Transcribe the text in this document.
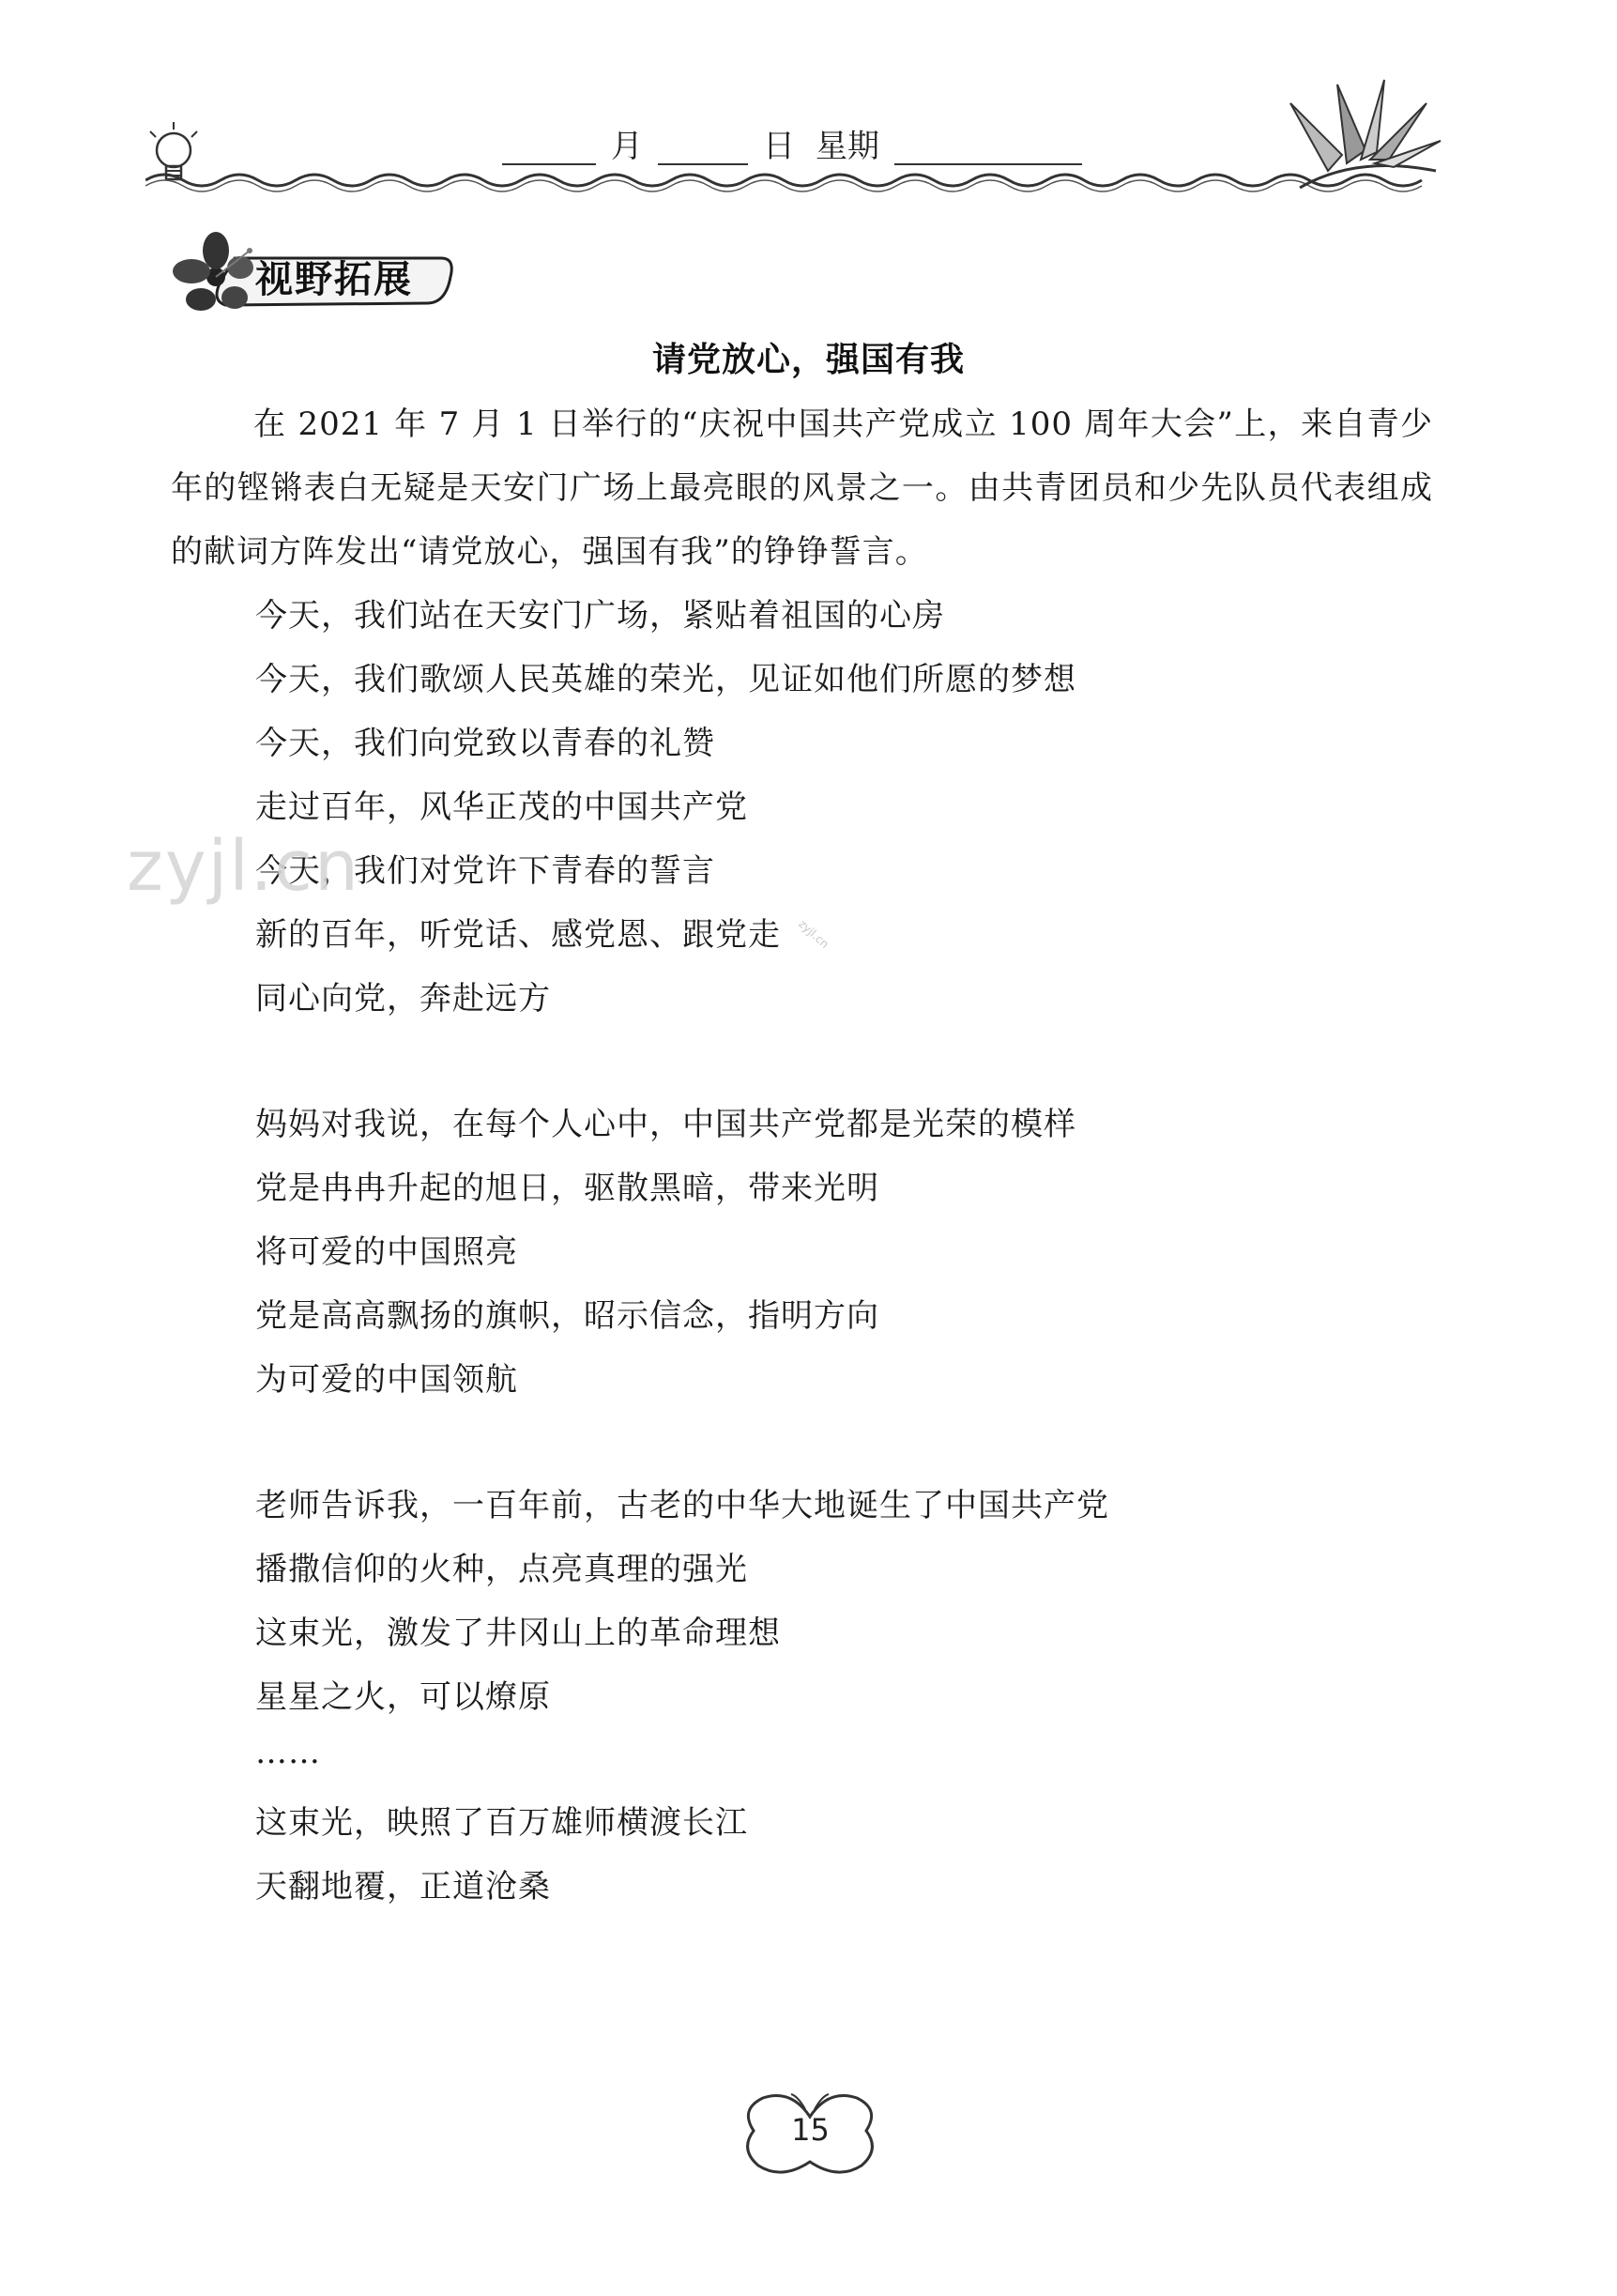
月	日 星期
视野拓展
请党放心，强国有我

在 2021 年 7 月 1 日举行的“庆祝中国共产党成立 100 周年大会”上，来自青少年的铿锵表白无疑是天安门广场上最亮眼的风景之一。由共青团员和少先队员代表组成的献词方阵发出“请党放心，强国有我”的铮铮誓言。

今天，我们站在天安门广场，紧贴着祖国的心房
今天，我们歌颂人民英雄的荣光，见证如他们所愿的梦想
今天，我们向党致以青春的礼赞
走过百年，风华正茂的中国共产党
今天，我们对党许下青春的誓言
新的百年，听党话、感党恩、跟党走
同心向党，奔赴远方
妈妈对我说，在每个人心中，中国共产党都是光荣的模样
党是冉冉升起的旭日，驱散黑暗，带来光明
将可爱的中国照亮
党是高高飘扬的旗帜，昭示信念，指明方向
为可爱的中国领航
老师告诉我，一百年前，古老的中华大地诞生了中国共产党
播撒信仰的火种，点亮真理的强光
这束光，激发了井冈山上的革命理想
星星之火，可以燎原
……
这束光，映照了百万雄师横渡长江
天翻地覆，正道沧桑
zyjl.cn
zyjl.cn
15
